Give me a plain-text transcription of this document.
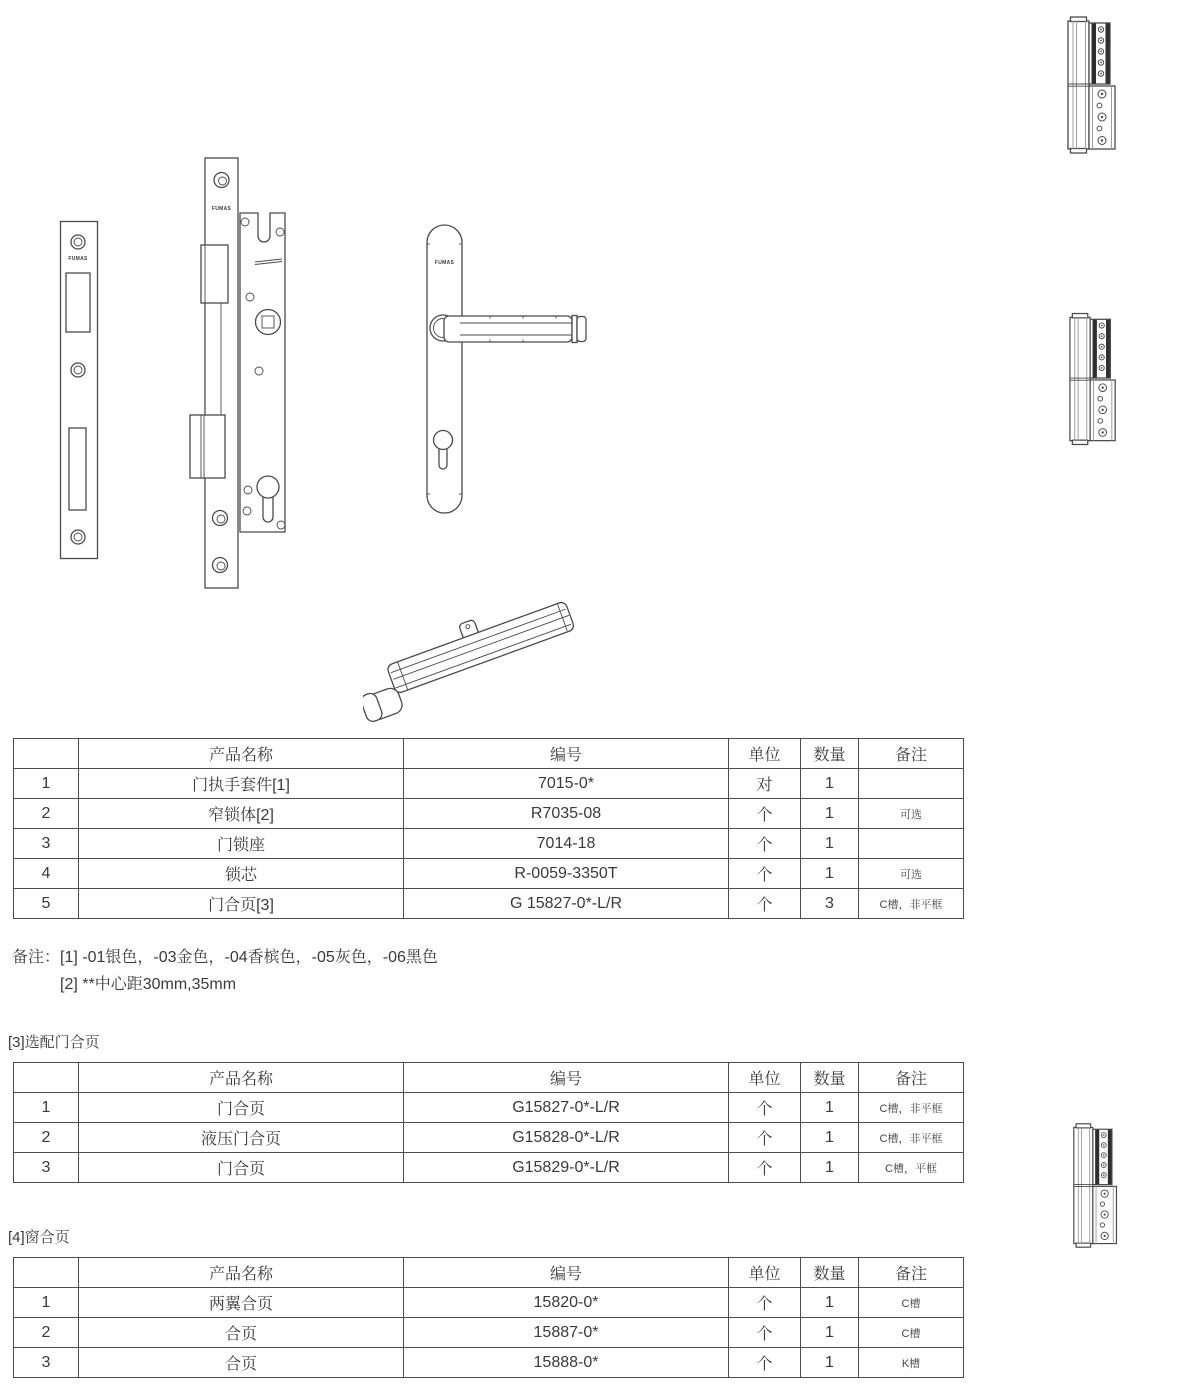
FUMAS
FUMAS
FUMAS
	产品名称	编号	单位	数量	备注
1	门执手套件[1]	7015-0*	对	1	
2	窄锁体[2]	R7035-08	个	1	可选
3	门锁座	7014-18	个	1	
4	锁芯	R-0059-3350T	个	1	可选
5	门合页[3]	G 15827-0*-L/R	个	3	C槽，非平框
备注： [1] -01银色，-03金色，-04香槟色，-05灰色，-06黑色
[2] **中心距30mm,35mm
[3]选配门合页
	产品名称	编号	单位	数量	备注
1	门合页	G15827-0*-L/R	个	1	C槽，非平框
2	液压门合页	G15828-0*-L/R	个	1	C槽，非平框
3	门合页	G15829-0*-L/R	个	1	C槽，平框
[4]窗合页
	产品名称	编号	单位	数量	备注
1	两翼合页	15820-0*	个	1	C槽
2	合页	15887-0*	个	1	C槽
3	合页	15888-0*	个	1	K槽
